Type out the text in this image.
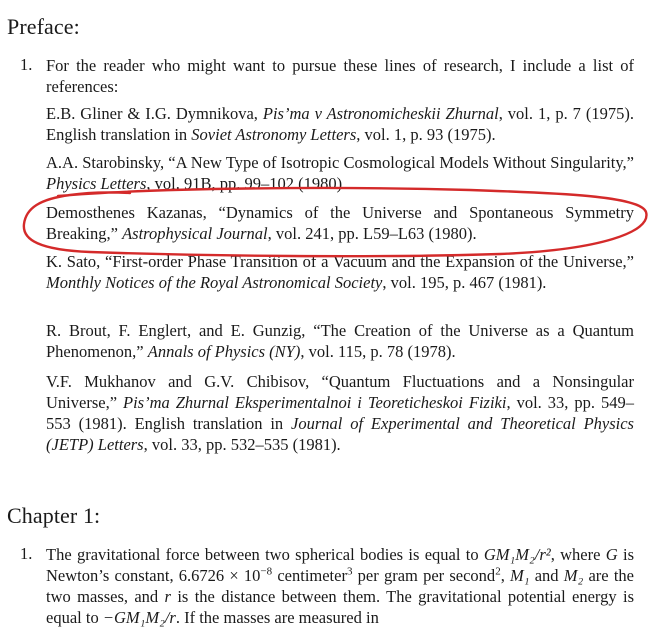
Preface:
1. For the reader who might want to pursue these lines of research, I include a list of references:

E.B. Gliner & I.G. Dymnikova, Pis’ma v Astronomicheskii Zhurnal, vol. 1, p. 7 (1975). English translation in Soviet Astronomy Letters, vol. 1, p. 93 (1975).

A.A. Starobinsky, “A New Type of Isotropic Cosmological Models Without Singularity,” Physics Letters, vol. 91B, pp. 99–102 (1980).

Demosthenes Kazanas, “Dynamics of the Universe and Spontaneous Symmetry Breaking,” Astrophysical Journal, vol. 241, pp. L59–L63 (1980).

K. Sato, “First-order Phase Transition of a Vacuum and the Expansion of the Universe,” Monthly Notices of the Royal Astronomical Society, vol. 195, p. 467 (1981).

R. Brout, F. Englert, and E. Gunzig, “The Creation of the Universe as a Quantum Phenomenon,” Annals of Physics (NY), vol. 115, p. 78 (1978).

V.F. Mukhanov and G.V. Chibisov, “Quantum Fluctuations and a Nonsingular Universe,” Pis’ma Zhurnal Eksperimentalnoi i Teoreticheskoi Fiziki, vol. 33, pp. 549–553 (1981). English translation in Journal of Experimental and Theoretical Physics (JETP) Letters, vol. 33, pp. 532–535 (1981).

Chapter 1:
1. The gravitational force between two spherical bodies is equal to GM₁M₂/r², where G is Newton’s constant, $6.6726 \times 10^{-8}$ centimeter$^3$ per gram per second$^2$, M₁ and M₂ are the two masses, and r is the distance between them. The gravitational potential energy is equal to −GM₁M₂/r. If the masses are measured in
